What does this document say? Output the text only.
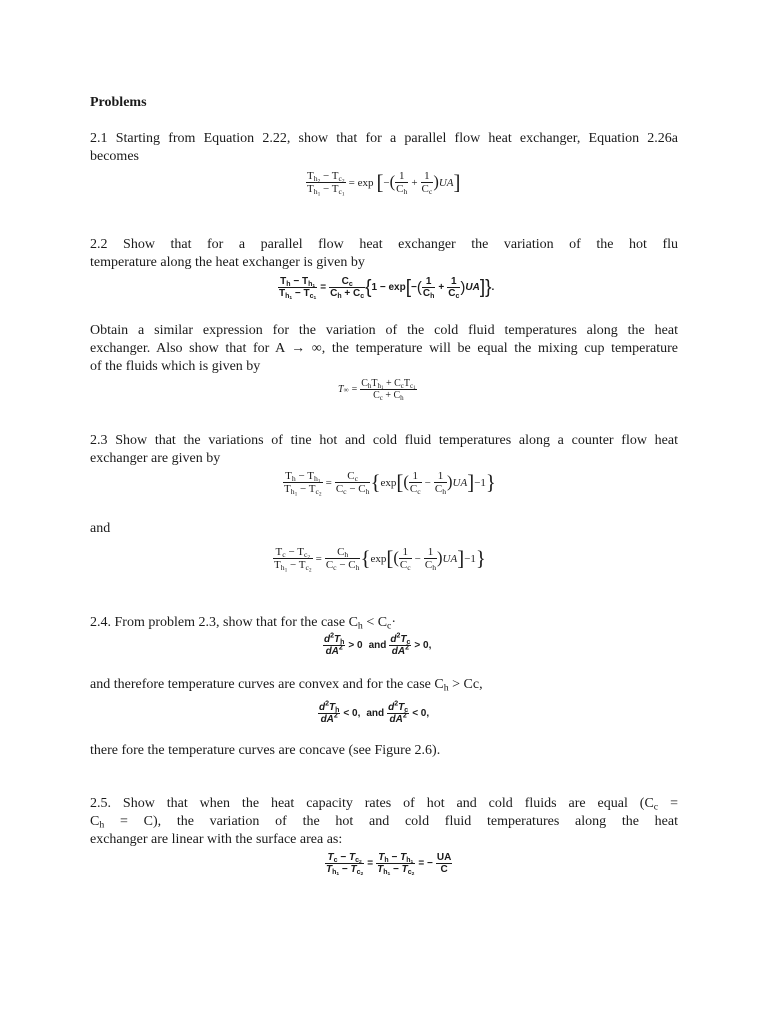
Problems
2.1 Starting from Equation 2.22, show that for a parallel flow heat exchanger, Equation 2.26a
becomes
$\frac{T_{h_2} - T_{c_2}}{T_{h_1} - T_{c_1}} = \exp$ [ − ( $\frac{1}{C_h} + \frac{1}{C_c}$ ) UA ]
2.2 Show that for a parallel flow heat exchanger the variation of the hot flu
temperature along the heat exchanger is given by
$\frac{T_h - T_{h_1}}{T_{h_1} - T_{c_1}} = \frac{C_c}{C_h + C_c}$ { 1 − exp [ − ( $\frac{1}{C_h} + \frac{1}{C_c}$ ) UA ] } .
Obtain a similar expression for the variation of the cold fluid temperatures along the heat
exchanger. Also show that for A → ∞, the temperature will be equal the mixing cup temperature
of the fluids which is given by
T ∞ = $\frac{C_hT_{h_1} + C_cT_{c_1}}{C_c + C_h}$
2.3 Show that the variations of tine hot and cold fluid temperatures along a counter flow heat
exchanger are given by
$\frac{T_h - T_{h_1}}{T_{h_1} - T_{c_2}} = \frac{C_c}{C_c - C_h}$ { exp [ ( $\frac{1}{C_c} - \frac{1}{C_h}$ ) UA ] −1 }
and
$\frac{T_c - T_{c_2}}{T_{h_1} - T_{c_2}} = \frac{C_h}{C_c - C_h}$ { exp [ ( $\frac{1}{C_c} - \frac{1}{C_h}$ ) UA ] −1 }
2.4. From problem 2.3, show that for the case $C_h < C_c\cdot$
$\frac{d^2T_h}{dA^2} > 0$ and $\frac{d^2T_c}{dA^2} > 0$,
and therefore temperature curves are convex and for the case $C_h > Cc$,
$\frac{d^2T_h}{dA^2} < 0$, and $\frac{d^2T_c}{dA^2} < 0$,
there fore the temperature curves are concave (see Figure 2.6).
2.5. Show that when the heat capacity rates of hot and cold fluids are equal ($C_c$ =
$C_h = C$), the variation of the hot and cold fluid temperatures along the heat
exchanger are linear with the surface area as:
$\frac{T_c - T_{c_2}}{T_{h_1} - T_{c_2}} = \frac{T_h - T_{h_1}}{T_{h_1} - T_{c_2}}$ = − $\frac{UA}{C}$
